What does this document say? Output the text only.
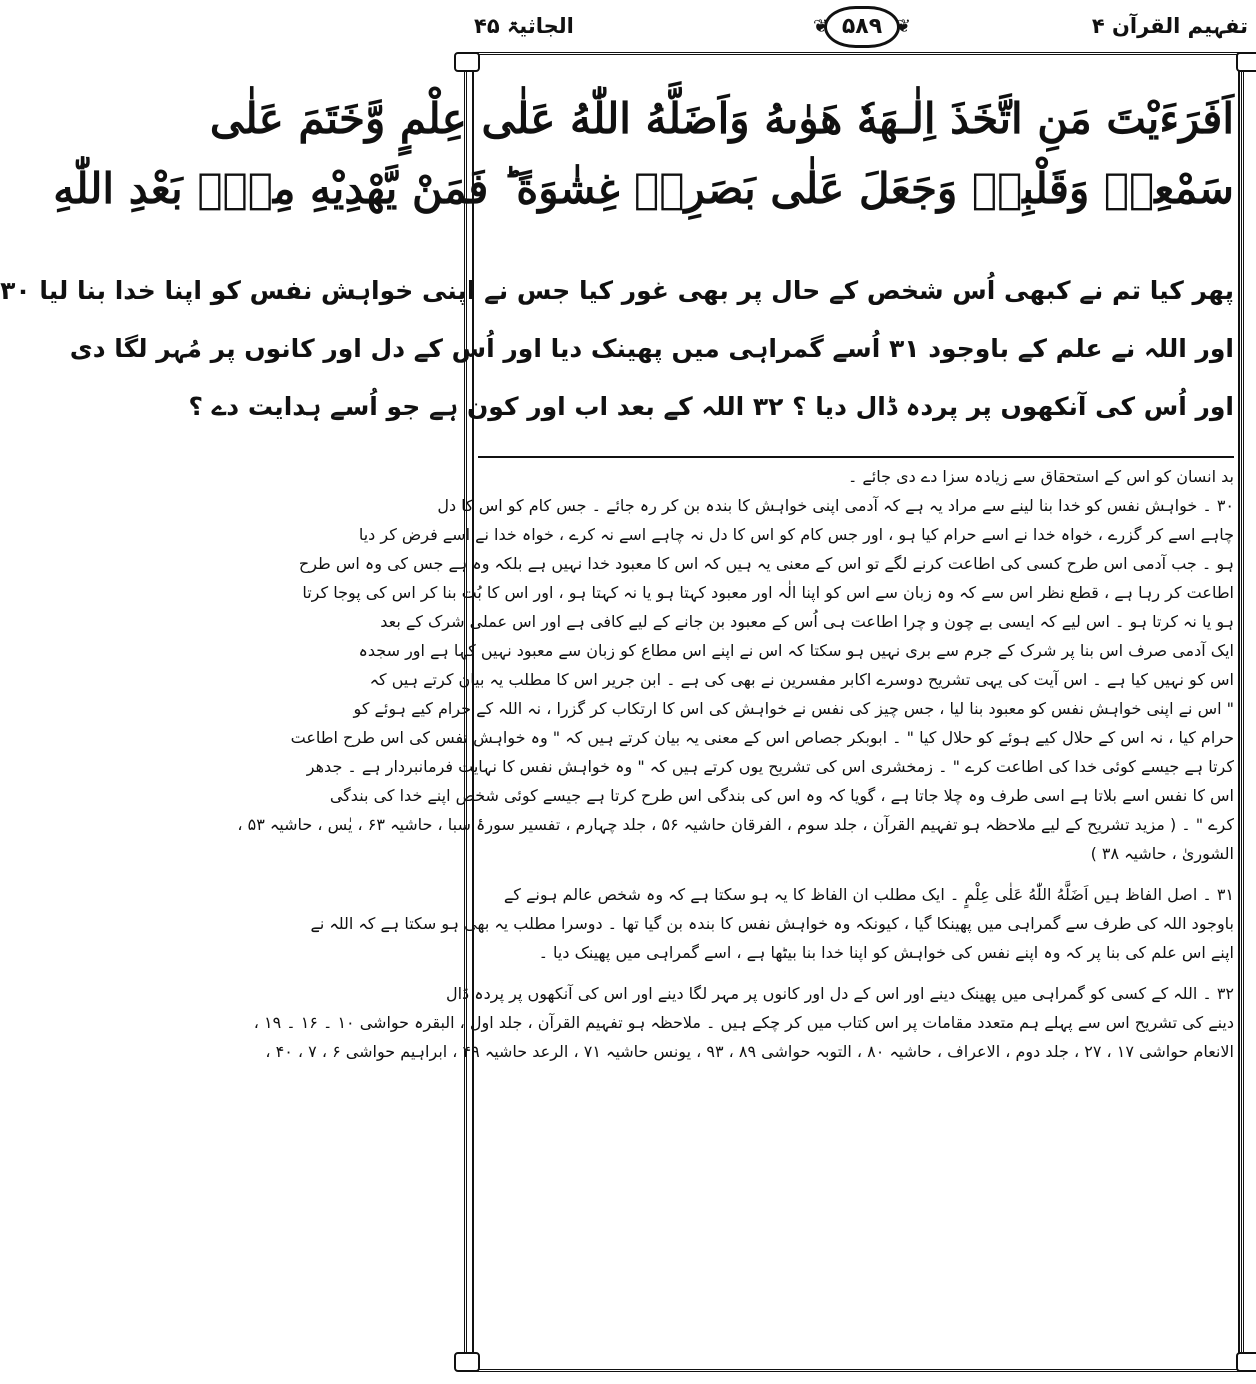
تفہیم القرآن ۴
❦ ۵۸۹ ❦
الجاثیۃ ۴۵
اَفَرَءَيْتَ مَنِ اتَّخَذَ اِلٰـهَهٗ هَوٰىهُ وَاَضَلَّهُ اللّٰهُ عَلٰى عِلْمٍ وَّخَتَمَ عَلٰى
سَمْعِهٖ وَقَلْبِهٖ وَجَعَلَ عَلٰى بَصَرِهٖ غِشٰوَةً ؕ فَمَنْ يَّهْدِيْهِ مِنْۢ بَعْدِ اللّٰهِ
پھر کیا تم نے کبھی اُس شخص کے حال پر بھی غور کیا جس نے اپنی خواہش نفس کو اپنا خدا بنا لیا ۳۰
اور اللہ نے علم کے باوجود ۳۱ اُسے گمراہی میں پھینک دیا اور اُس کے دل اور کانوں پر مُہر لگا دی
اور اُس کی آنکھوں پر پردہ ڈال دیا ؟ ۳۲ اللہ کے بعد اب اور کون ہے جو اُسے ہدایت دے ؟
بد انسان کو اس کے استحقاق سے زیادہ سزا دے دی جائے ۔
۳۰ ۔ خواہش نفس کو خدا بنا لینے سے مراد یہ ہے کہ آدمی اپنی خواہش کا بندہ بن کر رہ جائے ۔ جس کام کو اس کا دل
چاہے اسے کر گزرے ، خواہ خدا نے اسے حرام کیا ہو ، اور جس کام کو اس کا دل نہ چاہے اسے نہ کرے ، خواہ خدا نے اسے فرض کر دیا
ہو ۔ جب آدمی اس طرح کسی کی اطاعت کرنے لگے تو اس کے معنی یہ ہیں کہ اس کا معبود خدا نہیں ہے بلکہ وہ ہے جس کی وہ اس طرح
اطاعت کر رہا ہے ، قطع نظر اس سے کہ وہ زبان سے اس کو اپنا الٰہ اور معبود کہتا ہو یا نہ کہتا ہو ، اور اس کا بُت بنا کر اس کی پوجا کرتا
ہو یا نہ کرتا ہو ۔ اس لیے کہ ایسی بے چون و چرا اطاعت ہی اُس کے معبود بن جانے کے لیے کافی ہے اور اس عملی شرک کے بعد
ایک آدمی صرف اس بنا پر شرک کے جرم سے بری نہیں ہو سکتا کہ اس نے اپنے اس مطاع کو زبان سے معبود نہیں کہا ہے اور سجدہ
اس کو نہیں کیا ہے ۔ اس آیت کی یہی تشریح دوسرے اکابر مفسرین نے بھی کی ہے ۔ ابن جریر اس کا مطلب یہ بیان کرتے ہیں کہ
" اس نے اپنی خواہش نفس کو معبود بنا لیا ، جس چیز کی نفس نے خواہش کی اس کا ارتکاب کر گزرا ، نہ اللہ کے حرام کیے ہوئے کو
حرام کیا ، نہ اس کے حلال کیے ہوئے کو حلال کیا " ۔ ابوبکر جصاص اس کے معنی یہ بیان کرتے ہیں کہ " وہ خواہش نفس کی اس طرح اطاعت
کرتا ہے جیسے کوئی خدا کی اطاعت کرے " ۔ زمخشری اس کی تشریح یوں کرتے ہیں کہ " وہ خواہش نفس کا نہایت فرمانبردار ہے ۔ جدھر
اس کا نفس اسے بلاتا ہے اسی طرف وہ چلا جاتا ہے ، گویا کہ وہ اس کی بندگی اس طرح کرتا ہے جیسے کوئی شخص اپنے خدا کی بندگی
کرے " ۔ ( مزید تشریح کے لیے ملاحظہ ہو تفہیم القرآن ، جلد سوم ، الفرقان حاشیہ ۵۶ ، جلد چہارم ، تفسیر سورۂ سبا ، حاشیہ ۶۳ ، یٰس ، حاشیہ ۵۳ ،
الشوریٰ ، حاشیہ ۳۸ )
۳۱ ۔ اصل الفاظ ہیں اَضَلَّهُ اللّٰهُ عَلٰى عِلْمٍ ۔ ایک مطلب ان الفاظ کا یہ ہو سکتا ہے کہ وہ شخص عالم ہونے کے
باوجود اللہ کی طرف سے گمراہی میں پھینکا گیا ، کیونکہ وہ خواہش نفس کا بندہ بن گیا تھا ۔ دوسرا مطلب یہ بھی ہو سکتا ہے کہ اللہ نے
اپنے اس علم کی بنا پر کہ وہ اپنے نفس کی خواہش کو اپنا خدا بنا بیٹھا ہے ، اسے گمراہی میں پھینک دیا ۔
۳۲ ۔ اللہ کے کسی کو گمراہی میں پھینک دینے اور اس کے دل اور کانوں پر مہر لگا دینے اور اس کی آنکھوں پر پردہ ڈال
دینے کی تشریح اس سے پہلے ہم متعدد مقامات پر اس کتاب میں کر چکے ہیں ۔ ملاحظہ ہو تفہیم القرآن ، جلد اول ، البقرہ حواشی ۱۰ ۔ ۱۶ ۔ ۱۹ ،
الانعام حواشی ۱۷ ، ۲۷ ، جلد دوم ، الاعراف ، حاشیہ ۸۰ ، التوبہ حواشی ۸۹ ، ۹۳ ، یونس حاشیہ ۷۱ ، الرعد حاشیہ ۴۹ ، ابراہیم حواشی ۶ ، ۷ ، ۴۰ ،
